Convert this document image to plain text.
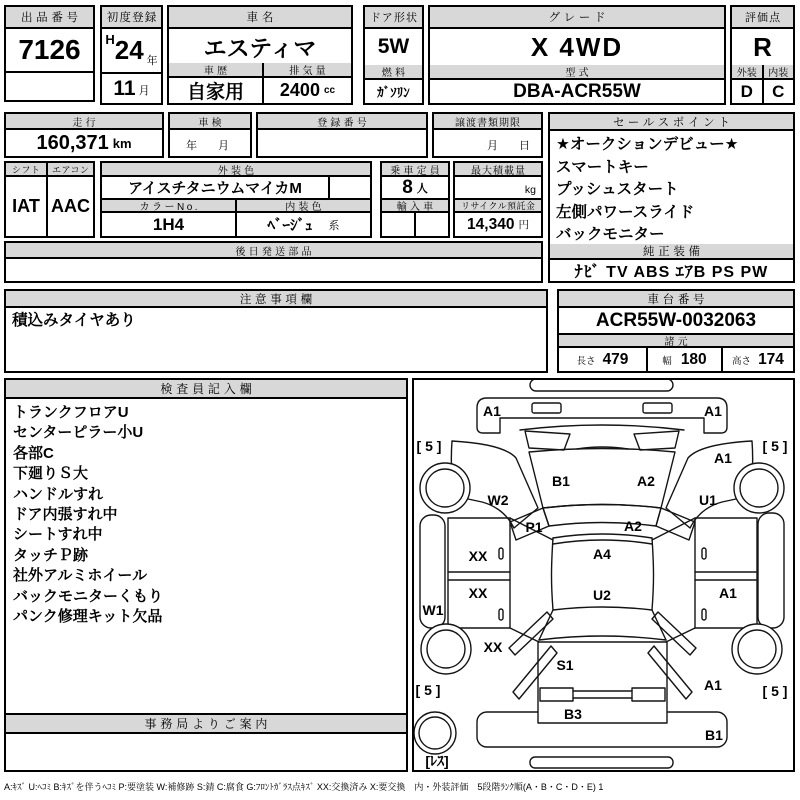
出品番号
7126
初度登録
H 24 年
11 月
車名
エスティマ
車歴
自家用
排気量
2400 cc
ドア形状
5W
燃料
ｶﾞｿﾘﾝ
グレード
X 4WD
型式
DBA-ACR55W
評価点
R
外装	内装
D	C
走行
160,371 km
車検
年　月
登録番号	譲渡書類期限
月　日
シフト
IAT
エアコン
AAC
外装色
アイスチタニウムマイカM
カラーNo.
1H4
内装色
ﾍﾞｰｼﾞｭ 系
乗車定員
8 人
輸入車
最大積載量
kg
リサイクル預託金
14,340 円
後日発送部品
セールスポイント
★オークションデビュー★
スマートキー
プッシュスタート
左側パワースライド
バックモニター
純正装備
ﾅﾋﾞ TV ABS ｴｱB PS PW
注意事項欄
積込みタイヤあり
車台番号
ACR55W-0032063
諸元
長さ 479	幅 180	高さ 174
検査員記入欄
トランクフロアU
センターピラー小U
各部C
下廻りＳ大
ハンドルすれ
ドア内張すれ中
シートすれ中
タッチＰ跡
社外アルミホイール
バックモニターくもり
パンク修理キット欠品
事務局よりご案内
A1	A1
[ 5 ]	[ 5 ]
A1
B1	A2
W2	U1
P1	A2
XX	A4
XX	U2	A1
W1
XX
S1
A1
[ 5 ]	[ 5 ]
B3
B1
[ﾚｽ]
A:ｷｽﾞ U:ﾍｺﾐ B:ｷｽﾞを伴うﾍｺﾐ P:要塗装 W:補修跡 S:錆 C:腐食 G:ﾌﾛﾝﾄｶﾞﾗｽ点ｷｽﾞ XX:交換済み X:要交換　内・外装評価　5段階ﾗﾝｸ順(A・B・C・D・E) 1
